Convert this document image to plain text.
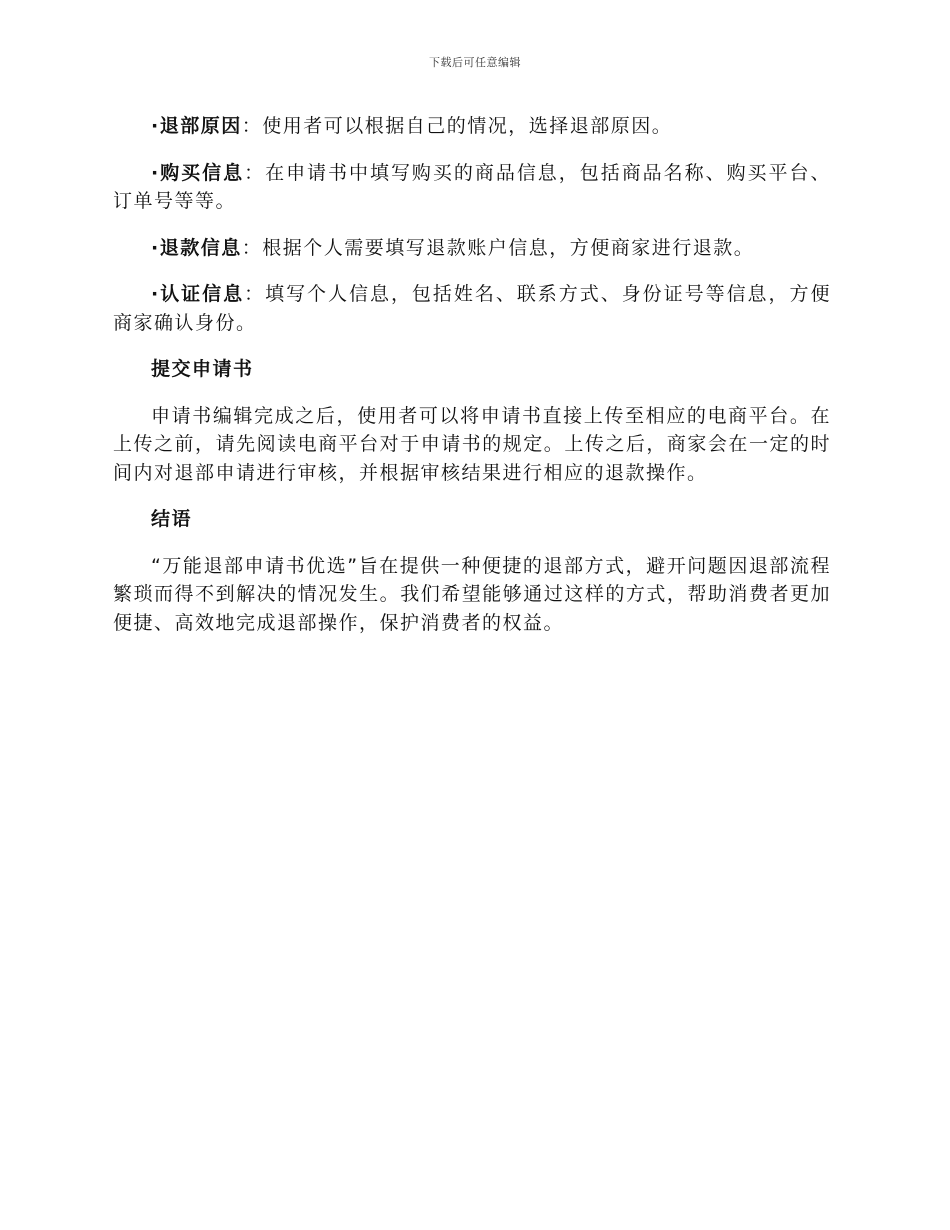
下载后可任意编辑

·退部原因：使用者可以根据自己的情况，选择退部原因。

·购买信息：在申请书中填写购买的商品信息，包括商品名称、购买平台、订单号等等。

·退款信息：根据个人需要填写退款账户信息，方便商家进行退款。

·认证信息：填写个人信息，包括姓名、联系方式、身份证号等信息，方便商家确认身份。

提交申请书

申请书编辑完成之后，使用者可以将申请书直接上传至相应的电商平台。在上传之前，请先阅读电商平台对于申请书的规定。上传之后，商家会在一定的时间内对退部申请进行审核，并根据审核结果进行相应的退款操作。

结语

“万能退部申请书优选”旨在提供一种便捷的退部方式，避开问题因退部流程繁琐而得不到解决的情况发生。我们希望能够通过这样的方式，帮助消费者更加便捷、高效地完成退部操作，保护消费者的权益。
